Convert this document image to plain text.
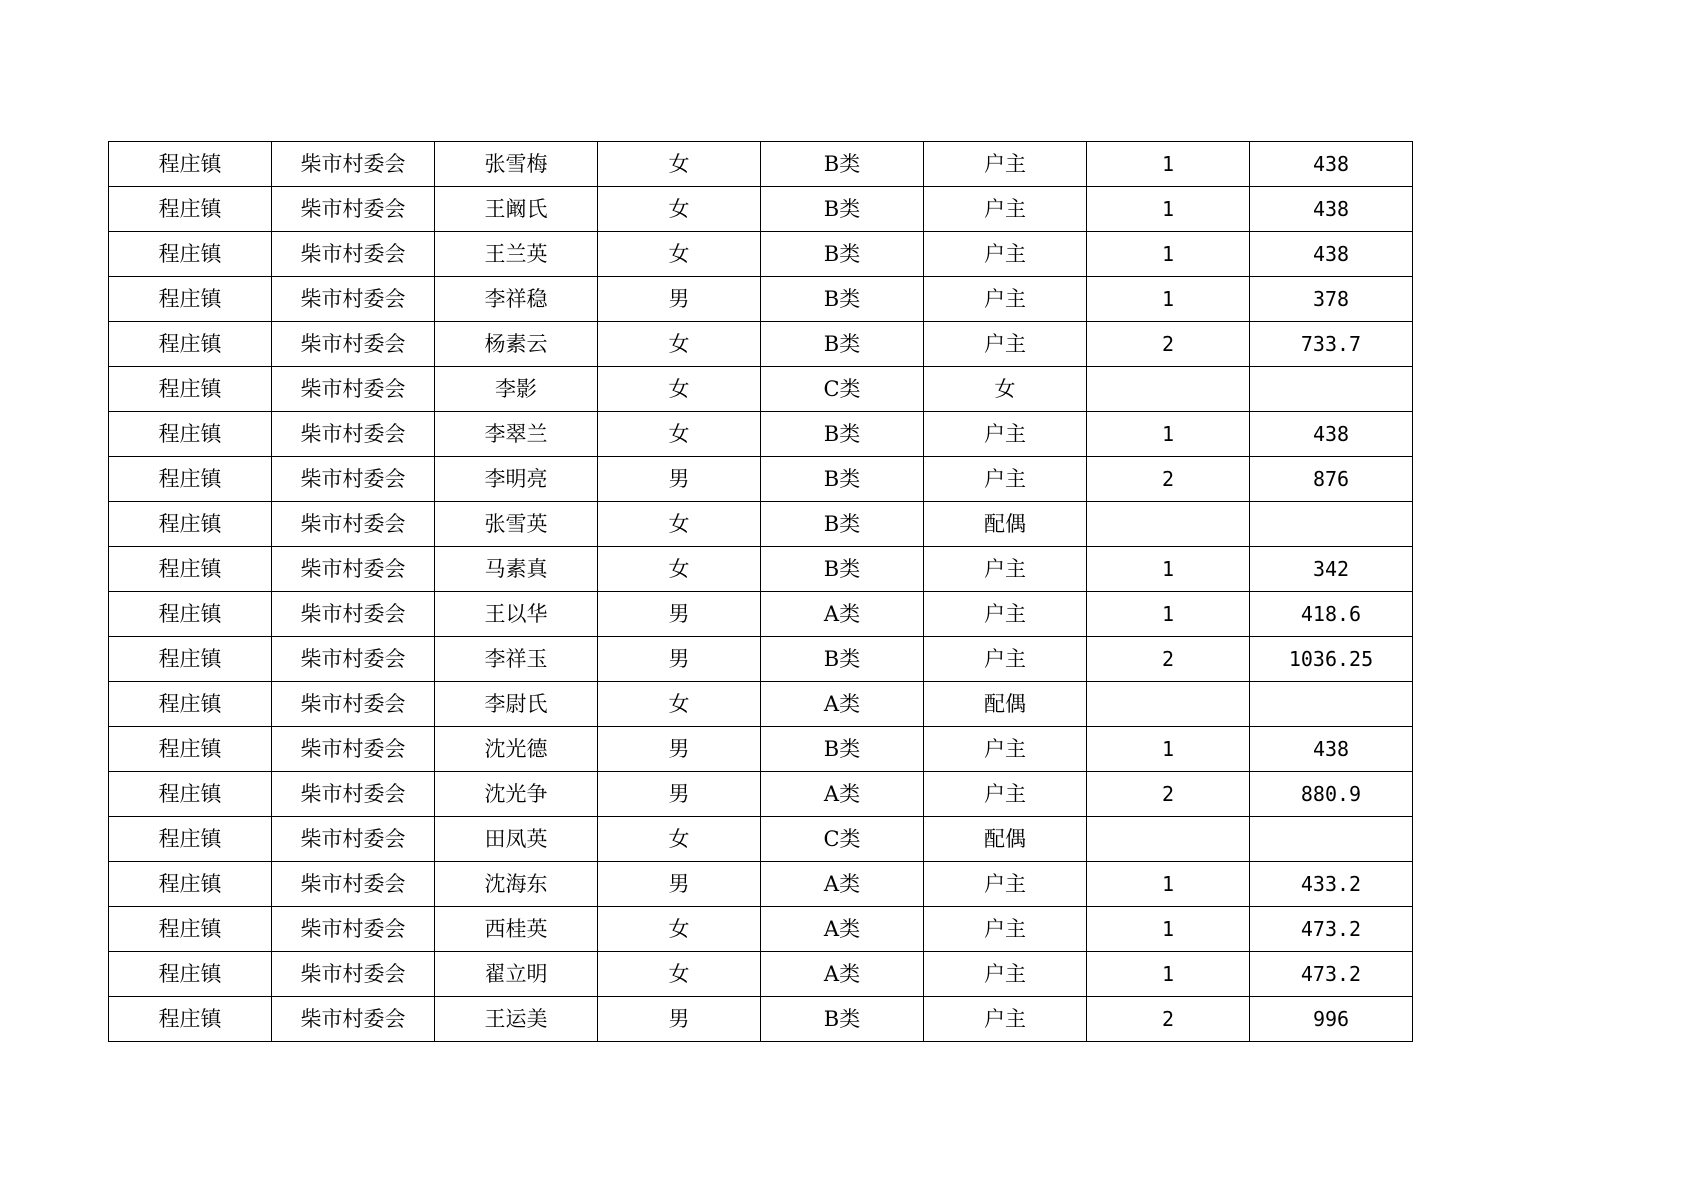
程庄镇	柴市村委会	张雪梅	女	B类	户主	1	438
程庄镇	柴市村委会	王阚氏	女	B类	户主	1	438
程庄镇	柴市村委会	王兰英	女	B类	户主	1	438
程庄镇	柴市村委会	李祥稳	男	B类	户主	1	378
程庄镇	柴市村委会	杨素云	女	B类	户主	2	733.7
程庄镇	柴市村委会	李影	女	C类	女		
程庄镇	柴市村委会	李翠兰	女	B类	户主	1	438
程庄镇	柴市村委会	李明亮	男	B类	户主	2	876
程庄镇	柴市村委会	张雪英	女	B类	配偶		
程庄镇	柴市村委会	马素真	女	B类	户主	1	342
程庄镇	柴市村委会	王以华	男	A类	户主	1	418.6
程庄镇	柴市村委会	李祥玉	男	B类	户主	2	1036.25
程庄镇	柴市村委会	李尉氏	女	A类	配偶		
程庄镇	柴市村委会	沈光德	男	B类	户主	1	438
程庄镇	柴市村委会	沈光争	男	A类	户主	2	880.9
程庄镇	柴市村委会	田凤英	女	C类	配偶		
程庄镇	柴市村委会	沈海东	男	A类	户主	1	433.2
程庄镇	柴市村委会	西桂英	女	A类	户主	1	473.2
程庄镇	柴市村委会	翟立明	女	A类	户主	1	473.2
程庄镇	柴市村委会	王运美	男	B类	户主	2	996
